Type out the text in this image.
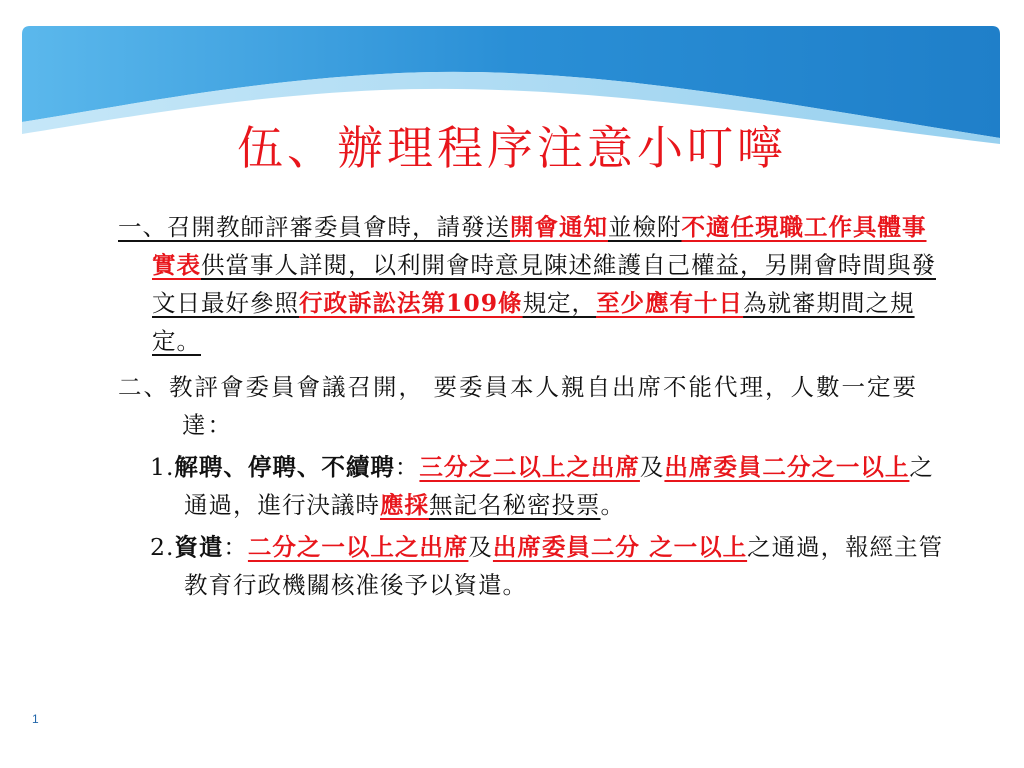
伍、辦理程序注意小叮嚀

一、召開教師評審委員會時，請發送開會通知並檢附不適任現職工作具體事實表供當事人詳閱，以利開會時意見陳述維護自己權益，另開會時間與發文日最好參照行政訴訟法第109條規定，至少應有十日為就審期間之規定。

二、教評會委員會議召開， 要委員本人親自出席不能代理，人數一定要達：

1.解聘、停聘、不續聘：三分之二以上之出席及出席委員二分之一以上之通過，進行決議時應採無記名秘密投票。

2.資遣：二分之一以上之出席及出席委員二分 之一以上之通過，報經主管教育行政機關核准後予以資遣。

1
